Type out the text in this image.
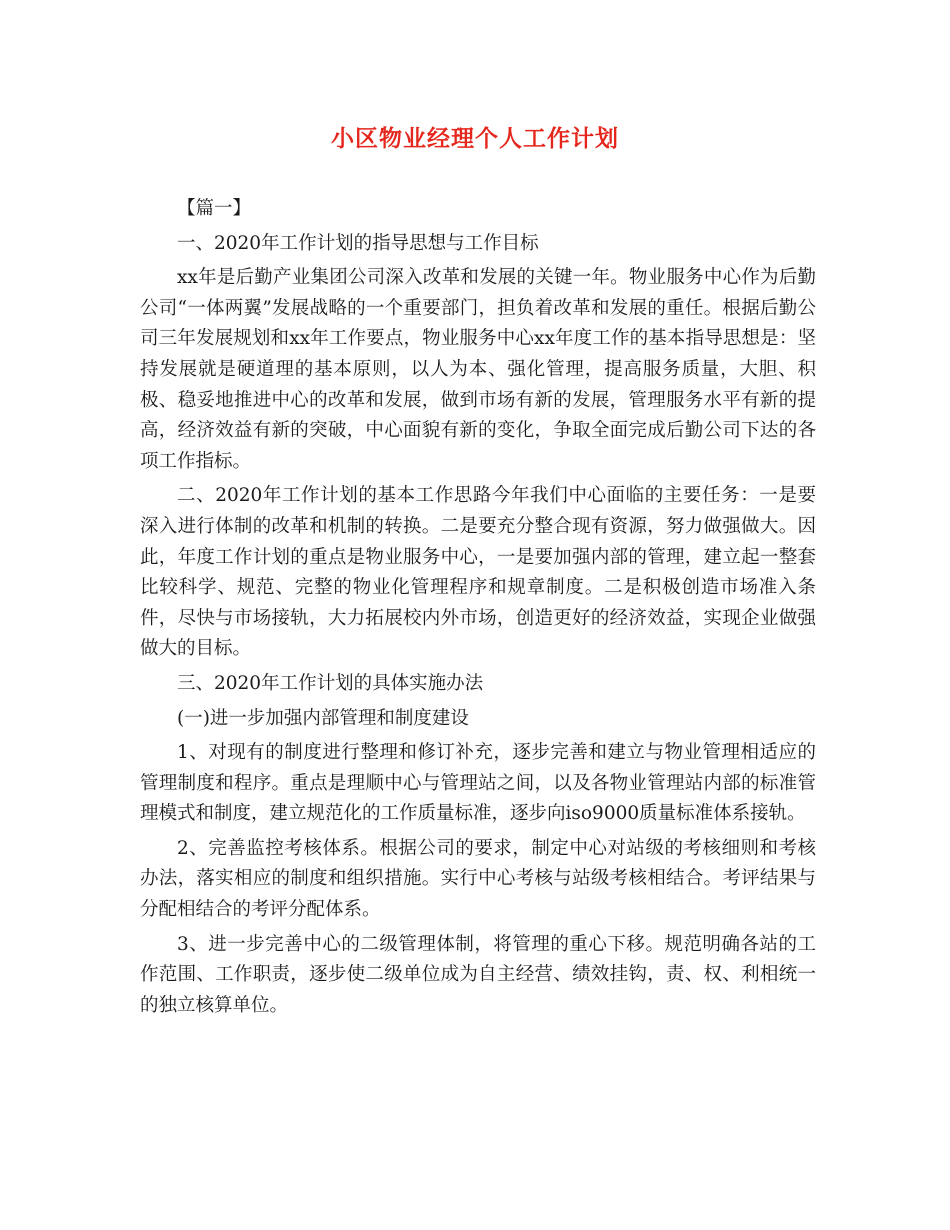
小区物业经理个人工作计划

【篇一】

一、2020年工作计划的指导思想与工作目标

xx年是后勤产业集团公司深入改革和发展的关键一年。物业服务中心作为后勤公司“一体两翼”发展战略的一个重要部门，担负着改革和发展的重任。根据后勤公司三年发展规划和xx年工作要点，物业服务中心xx年度工作的基本指导思想是：坚持发展就是硬道理的基本原则，以人为本、强化管理，提高服务质量，大胆、积极、稳妥地推进中心的改革和发展，做到市场有新的发展，管理服务水平有新的提高，经济效益有新的突破，中心面貌有新的变化，争取全面完成后勤公司下达的各项工作指标。

二、2020年工作计划的基本工作思路今年我们中心面临的主要任务：一是要深入进行体制的改革和机制的转换。二是要充分整合现有资源，努力做强做大。因此，年度工作计划的重点是物业服务中心，一是要加强内部的管理，建立起一整套比较科学、规范、完整的物业化管理程序和规章制度。二是积极创造市场准入条件，尽快与市场接轨，大力拓展校内外市场，创造更好的经济效益，实现企业做强做大的目标。

三、2020年工作计划的具体实施办法

(一)进一步加强内部管理和制度建设

1、对现有的制度进行整理和修订补充，逐步完善和建立与物业管理相适应的管理制度和程序。重点是理顺中心与管理站之间，以及各物业管理站内部的标准管理模式和制度，建立规范化的工作质量标准，逐步向iso9000质量标准体系接轨。

2、完善监控考核体系。根据公司的要求，制定中心对站级的考核细则和考核办法，落实相应的制度和组织措施。实行中心考核与站级考核相结合。考评结果与分配相结合的考评分配体系。

3、进一步完善中心的二级管理体制，将管理的重心下移。规范明确各站的工作范围、工作职责，逐步使二级单位成为自主经营、绩效挂钩，责、权、利相统一的独立核算单位。
